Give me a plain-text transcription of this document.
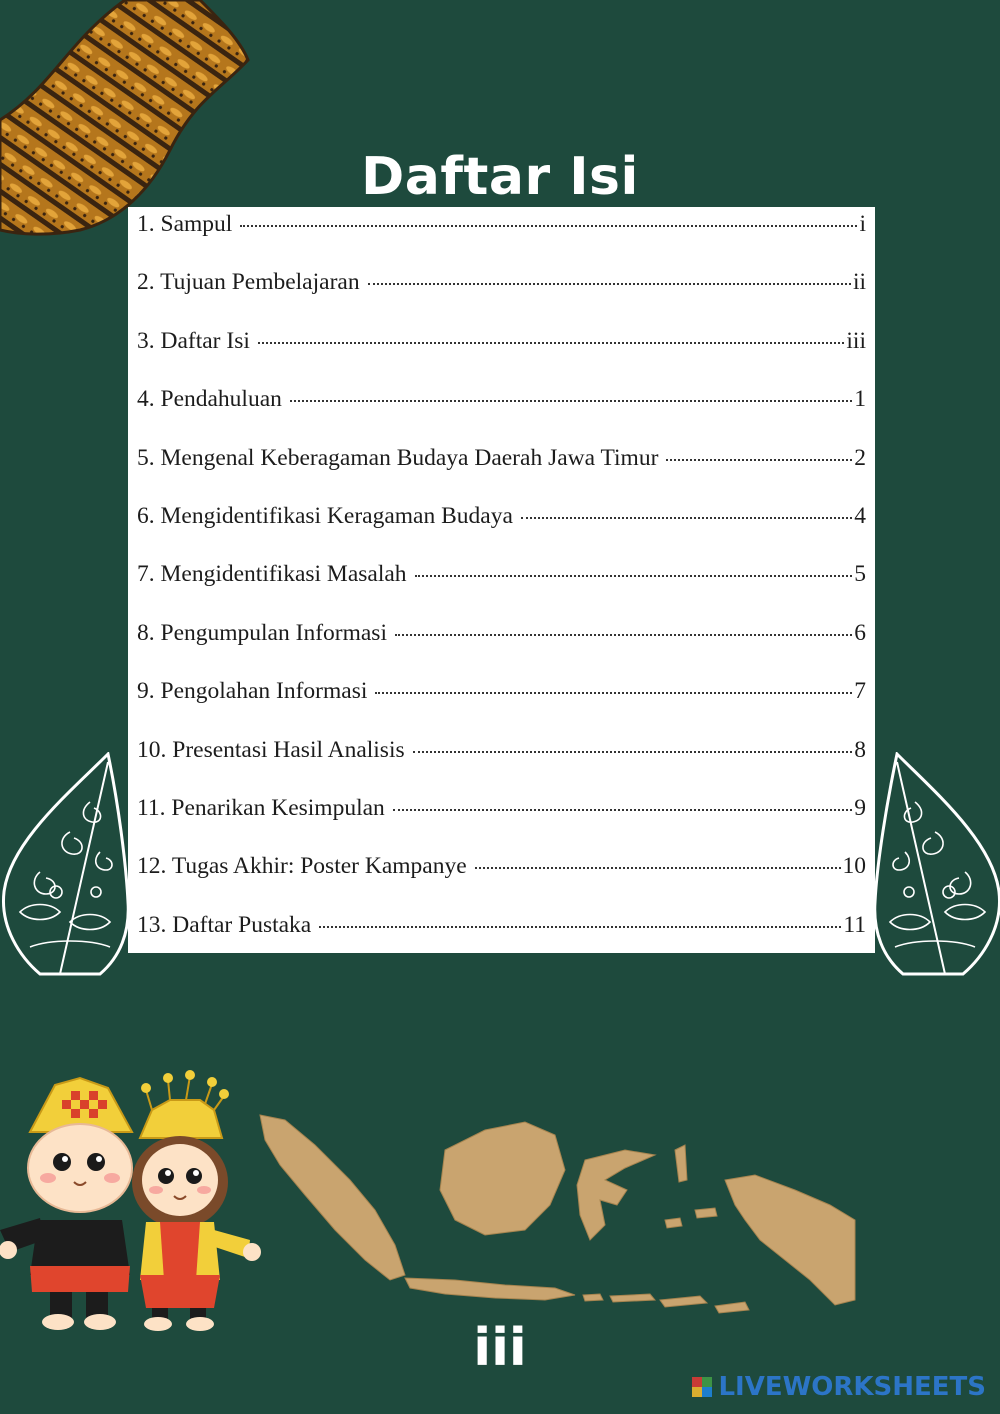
Daftar Isi
1. Sampul	i
2. Tujuan Pembelajaran	ii
3. Daftar Isi	iii
4. Pendahuluan	1
5. Mengenal Keberagaman Budaya Daerah Jawa Timur	2
6. Mengidentifikasi Keragaman Budaya	4
7. Mengidentifikasi Masalah	5
8. Pengumpulan Informasi	6
9. Pengolahan Informasi	7
10. Presentasi Hasil Analisis	8
11. Penarikan Kesimpulan	9
12. Tugas Akhir: Poster Kampanye	10
13. Daftar Pustaka	11
iii
LIVEWORKSHEETS
